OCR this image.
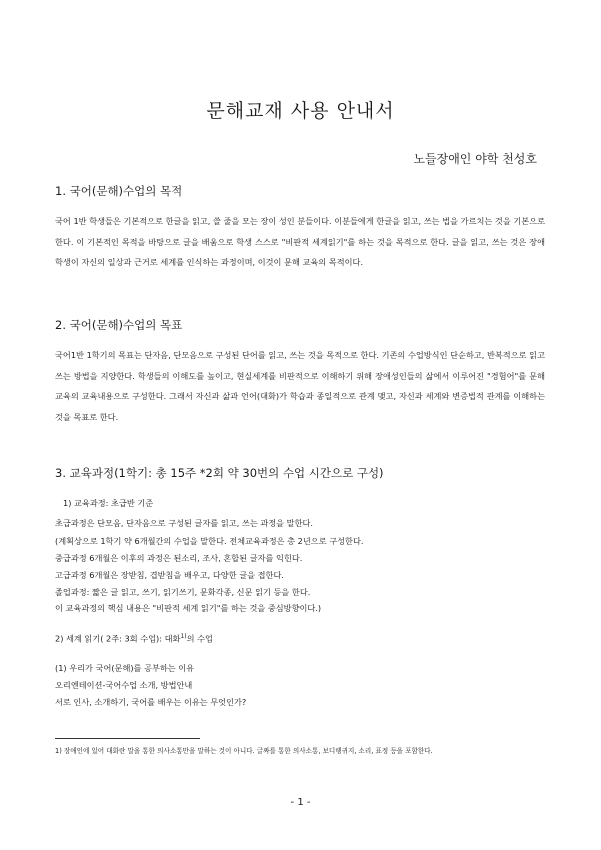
문해교재 사용 안내서
노들장애인 야학 천성호
1. 국어(문해)수업의 목적
국어 1반 학생들은 기본적으로 한글을 읽고, 쓸 줄을 모는 장이 성인 분들이다. 이분들에게 한글을 읽고, 쓰는 법을 가르치는 것을 기본으로 한다. 이 기본적인 목적을 바탕으로 글을 배움으로 학생 스스로 "비판적 세계읽기"를 하는 것을 목적으로 한다. 글을 읽고, 쓰는 것은 장애학생이 자신의 일상과 근거로 세계를 인식하는 과정이며, 이것이 문해 교육의 목적이다.
2. 국어(문해)수업의 목표
국어1반 1학기의 목표는 단자음, 단모음으로 구성된 단어를 읽고, 쓰는 것을 목적으로 한다. 기존의 수업방식인 단순하고, 반복적으로 읽고 쓰는 방법을 지양한다. 학생들의 이해도를 높이고, 현실세계를 비판적으로 이해하기 위해 장애성인들의 삶에서 이루어진 "경험어"를 문해교육의 교육내용으로 구성한다. 그래서 자신과 삶과 언어(대화)가 학습과 종일적으로 관계 맺고, 자신과 세계와 변증법적 관계를 이해하는 것을 목표로 한다.
3. 교육과정(1학기: 총 15주 *2회 약 30번의 수업 시간으로 구성)
1) 교육과정: 초급반 기준
초급과정은 단모음, 단자음으로 구성된 글자를 읽고, 쓰는 과정을 말한다.
(계획상으로 1학기 약 6개월간의 수업을 말한다. 전체교육과정은 총 2년으로 구성한다.
중급과정 6개월은 이후의 과정은 된소리, 조사, 혼합된 글자를 익힌다.
고급과정 6개월은 장받침, 겹받침을 배우고, 다양한 글을 접한다.
졸업과정: 짧은 글 읽고, 쓰기, 읽기쓰기, 문화각종, 신문 읽기 등을 한다.
이 교육과정의 핵심 내용은 "비판적 세계 읽기"를 하는 것을 중심방향이다.)
2) 세계 읽기( 2주: 3회 수업): 대화$^{1)}$의 수업
(1) 우리가 국어(문해)를 공부하는 이유
오리엔테이션-국어수업 소개, 방법안내
서로 인사, 소개하기, 국어를 배우는 이유는 무엇인가?
1) 장애인에 있어 대화란 말을 통한 의사소통만을 말하는 것이 아니다. 글짜를 통한 의사소통, 보디랭귀지, 소리, 표정 등을 포함한다.
- 1 -
